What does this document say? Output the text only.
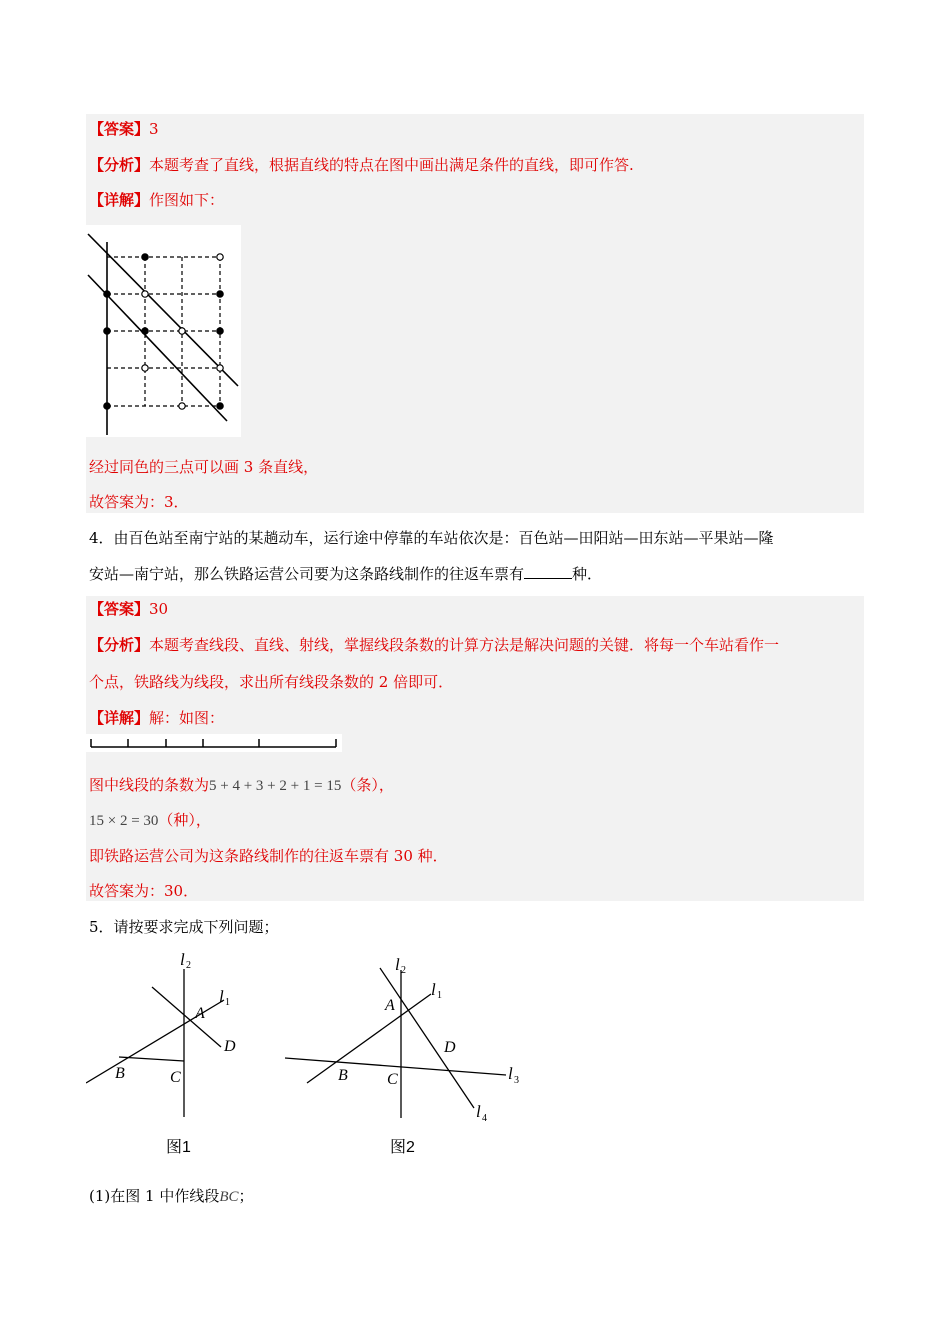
【答案】3
【分析】本题考查了直线，根据直线的特点在图中画出满足条件的直线，即可作答.
【详解】作图如下：
经过同色的三点可以画 3 条直线，
故答案为：3．
4．由百色站至南宁站的某趟动车，运行途中停靠的车站依次是：百色站—田阳站—田东站—平果站—隆
安站—南宁站，那么铁路运营公司要为这条路线制作的往返车票有	种．
【答案】30
【分析】本题考查线段、直线、射线，掌握线段条数的计算方法是解决问题的关键．将每一个车站看作一
个点，铁路线为线段，求出所有线段条数的 2 倍即可．
【详解】解：如图：
图中线段的条数为5 + 4 + 3 + 2 + 1 = 15（条），
15 × 2 = 30（种），
即铁路运营公司为这条路线制作的往返车票有 30 种．
故答案为：30．
5．请按要求完成下列问题；
l 2
l 1
A
D
B	C
图1
l 2
l 1
A
D
B C	l 3
l 4
图2
(1)在图 1 中作线段BC；
